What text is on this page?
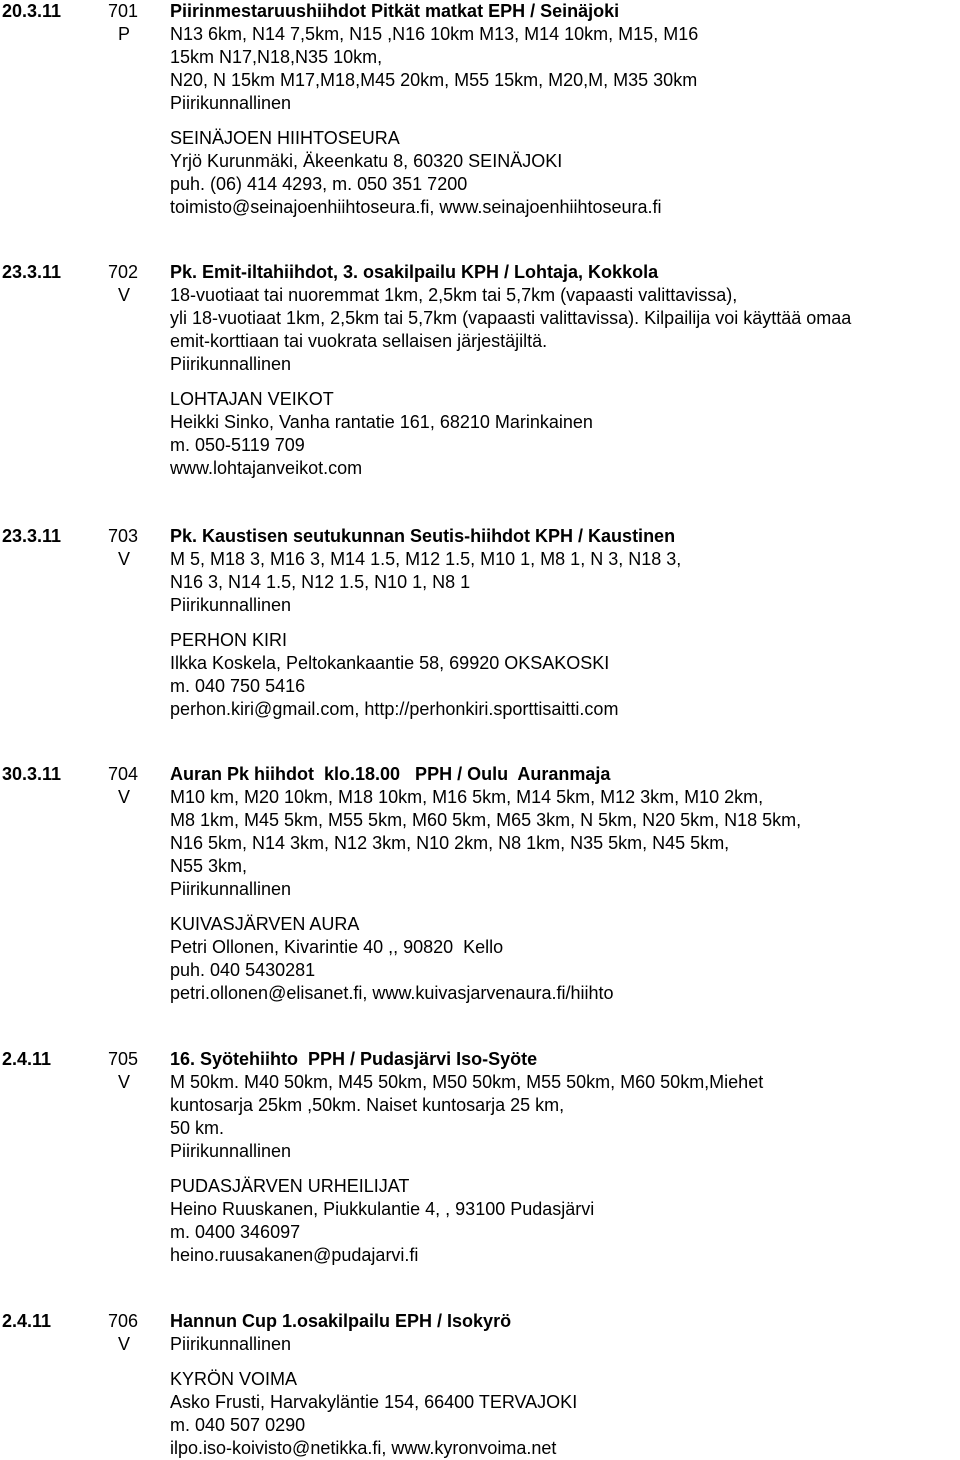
20.3.11	701
P
Piirinmestaruushiihdot Pitkät matkat EPH / Seinäjoki
N13 6km, N14 7,5km, N15 ,N16 10km M13, M14 10km, M15, M16
15km N17,N18,N35 10km,
N20, N 15km M17,M18,M45 20km, M55 15km, M20,M, M35 30km
Piirikunnallinen
SEINÄJOEN HIIHTOSEURA
Yrjö Kurunmäki, Äkeenkatu 8, 60320 SEINÄJOKI
puh. (06) 414 4293, m. 050 351 7200
toimisto@seinajoenhiihtoseura.fi, www.seinajoenhiihtoseura.fi
23.3.11	702
V
Pk. Emit-iltahiihdot, 3. osakilpailu KPH / Lohtaja, Kokkola
18-vuotiaat tai nuoremmat 1km, 2,5km tai 5,7km (vapaasti valittavissa),
yli 18-vuotiaat 1km, 2,5km tai 5,7km (vapaasti valittavissa). Kilpailija voi käyttää omaa
emit-korttiaan tai vuokrata sellaisen järjestäjiltä.
Piirikunnallinen
LOHTAJAN VEIKOT
Heikki Sinko, Vanha rantatie 161, 68210 Marinkainen
m. 050-5119 709
www.lohtajanveikot.com
23.3.11	703
V
Pk. Kaustisen seutukunnan Seutis-hiihdot KPH / Kaustinen
M 5, M18 3, M16 3, M14 1.5, M12 1.5, M10 1, M8 1, N 3, N18 3,
N16 3, N14 1.5, N12 1.5, N10 1, N8 1
Piirikunnallinen
PERHON KIRI
Ilkka Koskela, Peltokankaantie 58, 69920 OKSAKOSKI
m. 040 750 5416
perhon.kiri@gmail.com, http://perhonkiri.sporttisaitti.com
30.3.11	704
V
Auran Pk hiihdot  klo.18.00   PPH / Oulu  Auranmaja
M10 km, M20 10km, M18 10km, M16 5km, M14 5km, M12 3km, M10 2km,
M8 1km, M45 5km, M55 5km, M60 5km, M65 3km, N 5km, N20 5km, N18 5km,
N16 5km, N14 3km, N12 3km, N10 2km, N8 1km, N35 5km, N45 5km,
N55 3km,
Piirikunnallinen
KUIVASJÄRVEN AURA
Petri Ollonen, Kivarintie 40 ,, 90820  Kello
puh. 040 5430281
petri.ollonen@elisanet.fi, www.kuivasjarvenaura.fi/hiihto
2.4.11	705
V
16. Syötehiihto  PPH / Pudasjärvi Iso-Syöte
M 50km. M40 50km, M45 50km, M50 50km, M55 50km, M60 50km,Miehet
kuntosarja 25km ,50km. Naiset kuntosarja 25 km,
50 km.
Piirikunnallinen
PUDASJÄRVEN URHEILIJAT
Heino Ruuskanen, Piukkulantie 4, , 93100 Pudasjärvi
m. 0400 346097
heino.ruusakanen@pudajarvi.fi
2.4.11	706
V
Hannun Cup 1.osakilpailu EPH / Isokyrö
Piirikunnallinen
KYRÖN VOIMA
Asko Frusti, Harvakyläntie 154, 66400 TERVAJOKI
m. 040 507 0290
ilpo.iso-koivisto@netikka.fi, www.kyronvoima.net
